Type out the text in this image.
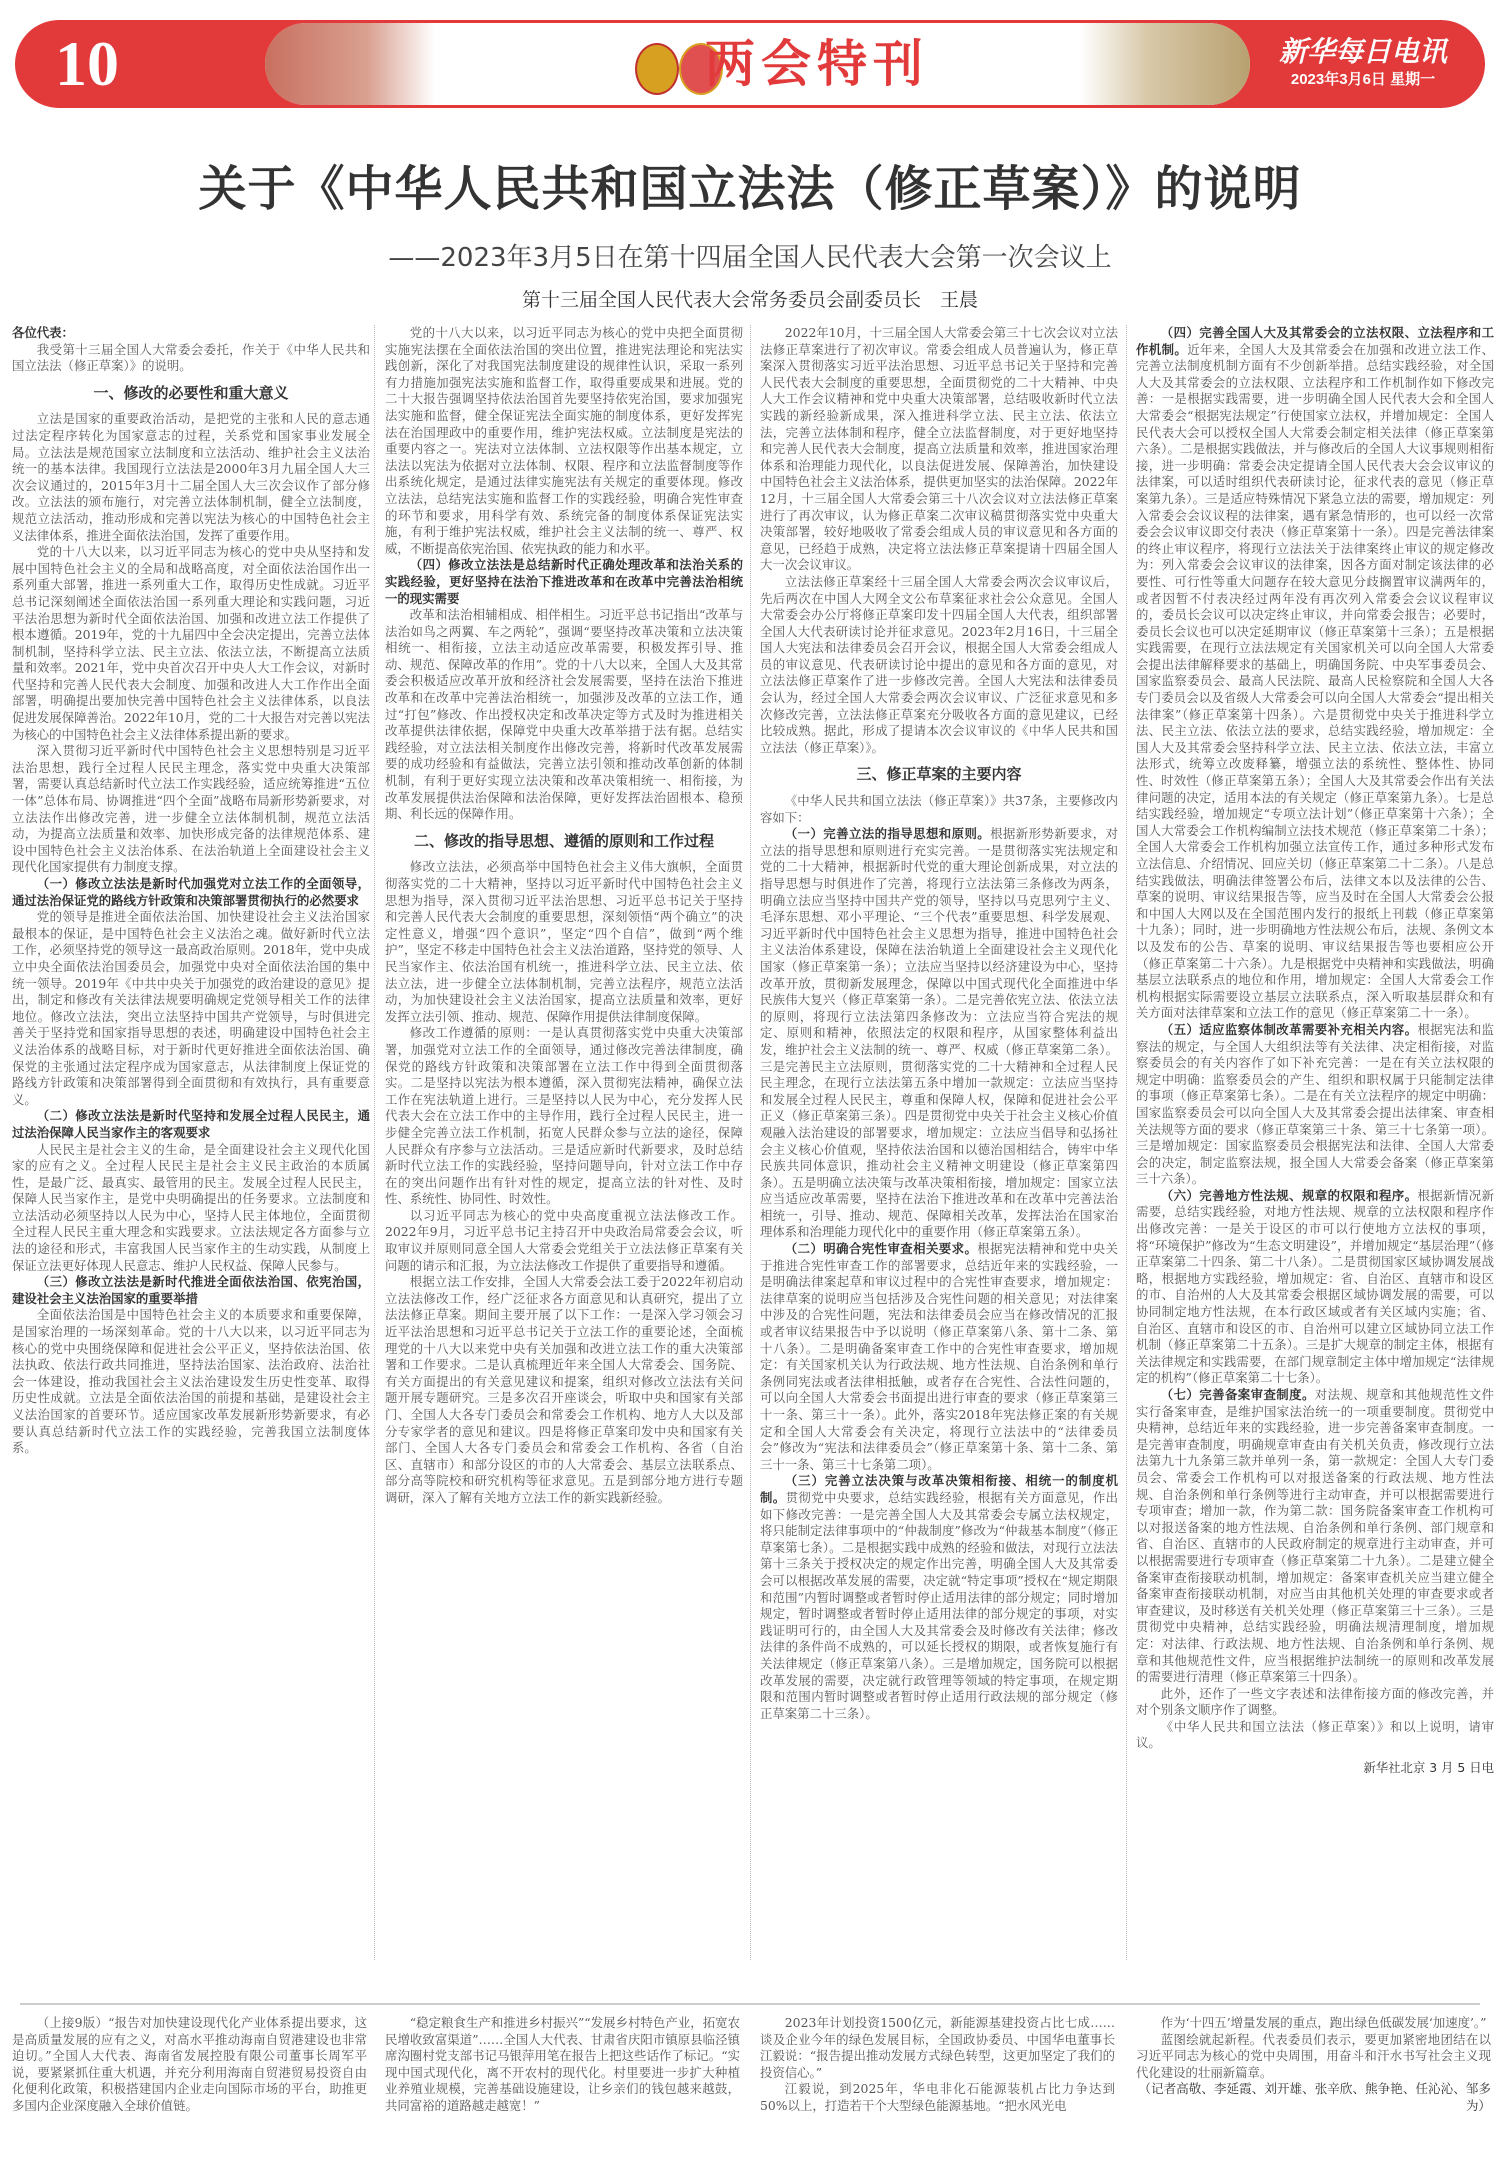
10	两会特刊	新华每日电讯
2023年3月6日 星期一
关于《中华人民共和国立法法（修正草案）》的说明
——2023年3月5日在第十四届全国人民代表大会第一次会议上
第十三届全国人民代表大会常务委员会副委员长　王晨

各位代表：

我受第十三届全国人大常委会委托，作关于《中华人民共和国立法法（修正草案）》的说明。

一、修改的必要性和重大意义

立法是国家的重要政治活动，是把党的主张和人民的意志通过法定程序转化为国家意志的过程，关系党和国家事业发展全局。立法法是规范国家立法制度和立法活动、维护社会主义法治统一的基本法律。我国现行立法法是2000年3月九届全国人大三次会议通过的，2015年3月十二届全国人大三次会议作了部分修改。立法法的颁布施行，对完善立法体制机制，健全立法制度，规范立法活动，推动形成和完善以宪法为核心的中国特色社会主义法律体系，推进全面依法治国，发挥了重要作用。

党的十八大以来，以习近平同志为核心的党中央从坚持和发展中国特色社会主义的全局和战略高度，对全面依法治国作出一系列重大部署，推进一系列重大工作，取得历史性成就。习近平总书记深刻阐述全面依法治国一系列重大理论和实践问题，习近平法治思想为新时代全面依法治国、加强和改进立法工作提供了根本遵循。2019年，党的十九届四中全会决定提出，完善立法体制机制，坚持科学立法、民主立法、依法立法，不断提高立法质量和效率。2021年，党中央首次召开中央人大工作会议，对新时代坚持和完善人民代表大会制度、加强和改进人大工作作出全面部署，明确提出要加快完善中国特色社会主义法律体系，以良法促进发展保障善治。2022年10月，党的二十大报告对完善以宪法为核心的中国特色社会主义法律体系提出新的要求。

深入贯彻习近平新时代中国特色社会主义思想特别是习近平法治思想，践行全过程人民民主理念，落实党中央重大决策部署，需要认真总结新时代立法工作实践经验，适应统筹推进“五位一体”总体布局、协调推进“四个全面”战略布局新形势新要求，对立法法作出修改完善，进一步健全立法体制机制，规范立法活动，为提高立法质量和效率、加快形成完备的法律规范体系、建设中国特色社会主义法治体系、在法治轨道上全面建设社会主义现代化国家提供有力制度支撑。

（一）修改立法法是新时代加强党对立法工作的全面领导，通过法治保证党的路线方针政策和决策部署贯彻执行的必然要求

党的领导是推进全面依法治国、加快建设社会主义法治国家最根本的保证，是中国特色社会主义法治之魂。做好新时代立法工作，必须坚持党的领导这一最高政治原则。2018年，党中央成立中央全面依法治国委员会，加强党中央对全面依法治国的集中统一领导。2019年《中共中央关于加强党的政治建设的意见》提出，制定和修改有关法律法规要明确规定党领导相关工作的法律地位。修改立法法，突出立法坚持中国共产党领导，与时俱进完善关于坚持党和国家指导思想的表述，明确建设中国特色社会主义法治体系的战略目标，对于新时代更好推进全面依法治国、确保党的主张通过法定程序成为国家意志，从法律制度上保证党的路线方针政策和决策部署得到全面贯彻和有效执行，具有重要意义。

（二）修改立法法是新时代坚持和发展全过程人民民主，通过法治保障人民当家作主的客观要求

人民民主是社会主义的生命，是全面建设社会主义现代化国家的应有之义。全过程人民民主是社会主义民主政治的本质属性，是最广泛、最真实、最管用的民主。发展全过程人民民主，保障人民当家作主，是党中央明确提出的任务要求。立法制度和立法活动必须坚持以人民为中心，坚持人民主体地位，全面贯彻全过程人民民主重大理念和实践要求。立法法规定各方面参与立法的途径和形式，丰富我国人民当家作主的生动实践，从制度上保证立法更好体现人民意志、维护人民权益、保障人民参与。

（三）修改立法法是新时代推进全面依法治国、依宪治国，建设社会主义法治国家的重要举措

全面依法治国是中国特色社会主义的本质要求和重要保障，是国家治理的一场深刻革命。党的十八大以来，以习近平同志为核心的党中央围绕保障和促进社会公平正义，坚持依法治国、依法执政、依法行政共同推进，坚持法治国家、法治政府、法治社会一体建设，推动我国社会主义法治建设发生历史性变革、取得历史性成就。立法是全面依法治国的前提和基础，是建设社会主义法治国家的首要环节。适应国家改革发展新形势新要求，有必要认真总结新时代立法工作的实践经验，完善我国立法制度体系。

党的十八大以来，以习近平同志为核心的党中央把全面贯彻实施宪法摆在全面依法治国的突出位置，推进宪法理论和宪法实践创新，深化了对我国宪法制度建设的规律性认识，采取一系列有力措施加强宪法实施和监督工作，取得重要成果和进展。党的二十大报告强调坚持依法治国首先要坚持依宪治国，要求加强宪法实施和监督，健全保证宪法全面实施的制度体系，更好发挥宪法在治国理政中的重要作用，维护宪法权威。立法制度是宪法的重要内容之一。宪法对立法体制、立法权限等作出基本规定，立法法以宪法为依据对立法体制、权限、程序和立法监督制度等作出系统化规定，是通过法律实施宪法有关规定的重要体现。修改立法法，总结宪法实施和监督工作的实践经验，明确合宪性审查的环节和要求，用科学有效、系统完备的制度体系保证宪法实施，有利于维护宪法权威，维护社会主义法制的统一、尊严、权威，不断提高依宪治国、依宪执政的能力和水平。

（四）修改立法法是总结新时代正确处理改革和法治关系的实践经验，更好坚持在法治下推进改革和在改革中完善法治相统一的现实需要

改革和法治相辅相成、相伴相生。习近平总书记指出“改革与法治如鸟之两翼、车之两轮”，强调“要坚持改革决策和立法决策相统一、相衔接，立法主动适应改革需要，积极发挥引导、推动、规范、保障改革的作用”。党的十八大以来，全国人大及其常委会积极适应改革开放和经济社会发展需要，坚持在法治下推进改革和在改革中完善法治相统一，加强涉及改革的立法工作，通过“打包”修改、作出授权决定和改革决定等方式及时为推进相关改革提供法律依据，保障党中央重大改革举措于法有据。总结实践经验，对立法法相关制度作出修改完善，将新时代改革发展需要的成功经验和有益做法，完善立法引领和推动改革创新的体制机制，有利于更好实现立法决策和改革决策相统一、相衔接，为改革发展提供法治保障和法治保障，更好发挥法治固根本、稳预期、利长远的保障作用。

二、修改的指导思想、遵循的原则和工作过程

修改立法法，必须高举中国特色社会主义伟大旗帜，全面贯彻落实党的二十大精神，坚持以习近平新时代中国特色社会主义思想为指导，深入贯彻习近平法治思想、习近平总书记关于坚持和完善人民代表大会制度的重要思想，深刻领悟“两个确立”的决定性意义，增强“四个意识”，坚定“四个自信”，做到“两个维护”，坚定不移走中国特色社会主义法治道路，坚持党的领导、人民当家作主、依法治国有机统一，推进科学立法、民主立法、依法立法，进一步健全立法体制机制，完善立法程序，规范立法活动，为加快建设社会主义法治国家，提高立法质量和效率，更好发挥立法引领、推动、规范、保障作用提供法律制度保障。

修改工作遵循的原则：一是认真贯彻落实党中央重大决策部署，加强党对立法工作的全面领导，通过修改完善法律制度，确保党的路线方针政策和决策部署在立法工作中得到全面贯彻落实。二是坚持以宪法为根本遵循，深入贯彻宪法精神，确保立法工作在宪法轨道上进行。三是坚持以人民为中心，充分发挥人民代表大会在立法工作中的主导作用，践行全过程人民民主，进一步健全完善立法工作机制，拓宽人民群众参与立法的途径，保障人民群众有序参与立法活动。三是适应新时代新要求，及时总结新时代立法工作的实践经验，坚持问题导向，针对立法工作中存在的突出问题作出有针对性的规定，提高立法的针对性、及时性、系统性、协同性、时效性。

以习近平同志为核心的党中央高度重视立法法修改工作。2022年9月，习近平总书记主持召开中央政治局常委会会议，听取审议并原则同意全国人大常委会党组关于立法法修正草案有关问题的请示和汇报，为立法法修改工作提供了重要指导和遵循。

根据立法工作安排，全国人大常委会法工委于2022年初启动立法法修改工作，经广泛征求各方面意见和认真研究，提出了立法法修正草案。期间主要开展了以下工作：一是深入学习领会习近平法治思想和习近平总书记关于立法工作的重要论述，全面梳理党的十八大以来党中央有关加强和改进立法工作的重大决策部署和工作要求。二是认真梳理近年来全国人大常委会、国务院、有关方面提出的有关意见建议和提案，组织对修改立法法有关问题开展专题研究。三是多次召开座谈会，听取中央和国家有关部门、全国人大各专门委员会和常委会工作机构、地方人大以及部分专家学者的意见和建议。四是将修正草案印发中央和国家有关部门、全国人大各专门委员会和常委会工作机构、各省（自治区、直辖市）和部分设区的市的人大常委会、基层立法联系点、部分高等院校和研究机构等征求意见。五是到部分地方进行专题调研，深入了解有关地方立法工作的新实践新经验。

2022年10月，十三届全国人大常委会第三十七次会议对立法法修正草案进行了初次审议。常委会组成人员普遍认为，修正草案深入贯彻落实习近平法治思想、习近平总书记关于坚持和完善人民代表大会制度的重要思想，全面贯彻党的二十大精神、中央人大工作会议精神和党中央重大决策部署，总结吸收新时代立法实践的新经验新成果，深入推进科学立法、民主立法、依法立法，完善立法体制和程序，健全立法监督制度，对于更好地坚持和完善人民代表大会制度，提高立法质量和效率，推进国家治理体系和治理能力现代化，以良法促进发展、保障善治，加快建设中国特色社会主义法治体系，提供更加坚实的法治保障。2022年12月，十三届全国人大常委会第三十八次会议对立法法修正草案进行了再次审议，认为修正草案二次审议稿贯彻落实党中央重大决策部署，较好地吸收了常委会组成人员的审议意见和各方面的意见，已经趋于成熟，决定将立法法修正草案提请十四届全国人大一次会议审议。

立法法修正草案经十三届全国人大常委会两次会议审议后，先后两次在中国人大网全文公布草案征求社会公众意见。全国人大常委会办公厅将修正草案印发十四届全国人大代表，组织部署全国人大代表研读讨论并征求意见。2023年2月16日，十三届全国人大宪法和法律委员会召开会议，根据全国人大常委会组成人员的审议意见、代表研读讨论中提出的意见和各方面的意见，对立法法修正草案作了进一步修改完善。全国人大宪法和法律委员会认为，经过全国人大常委会两次会议审议、广泛征求意见和多次修改完善，立法法修正草案充分吸收各方面的意见建议，已经比较成熟。据此，形成了提请本次会议审议的《中华人民共和国立法法（修正草案）》。

三、修正草案的主要内容

《中华人民共和国立法法（修正草案）》共37条，主要修改内容如下：

（一）完善立法的指导思想和原则。根据新形势新要求，对立法的指导思想和原则进行充实完善。一是贯彻落实宪法规定和党的二十大精神，根据新时代党的重大理论创新成果，对立法的指导思想与时俱进作了完善，将现行立法法第三条修改为两条，明确立法应当坚持中国共产党的领导，坚持以马克思列宁主义、毛泽东思想、邓小平理论、“三个代表”重要思想、科学发展观、习近平新时代中国特色社会主义思想为指导，推进中国特色社会主义法治体系建设，保障在法治轨道上全面建设社会主义现代化国家（修正草案第一条）；立法应当坚持以经济建设为中心，坚持改革开放，贯彻新发展理念，保障以中国式现代化全面推进中华民族伟大复兴（修正草案第一条）。二是完善依宪立法、依法立法的原则，将现行立法法第四条修改为：立法应当符合宪法的规定、原则和精神，依照法定的权限和程序，从国家整体利益出发，维护社会主义法制的统一、尊严、权威（修正草案第二条）。三是完善民主立法原则，贯彻落实党的二十大精神和全过程人民民主理念，在现行立法法第五条中增加一款规定：立法应当坚持和发展全过程人民民主，尊重和保障人权，保障和促进社会公平正义（修正草案第三条）。四是贯彻党中央关于社会主义核心价值观融入法治建设的部署要求，增加规定：立法应当倡导和弘扬社会主义核心价值观，坚持依法治国和以德治国相结合，铸牢中华民族共同体意识，推动社会主义精神文明建设（修正草案第四条）。五是明确立法决策与改革决策相衔接，增加规定：国家立法应当适应改革需要，坚持在法治下推进改革和在改革中完善法治相统一，引导、推动、规范、保障相关改革，发挥法治在国家治理体系和治理能力现代化中的重要作用（修正草案第五条）。

（二）明确合宪性审查相关要求。根据宪法精神和党中央关于推进合宪性审查工作的部署要求，总结近年来的实践经验，一是明确法律案起草和审议过程中的合宪性审查要求，增加规定：法律草案的说明应当包括涉及合宪性问题的相关意见；对法律案中涉及的合宪性问题，宪法和法律委员会应当在修改情况的汇报或者审议结果报告中予以说明（修正草案第八条、第十二条、第十八条）。二是明确备案审查工作中的合宪性审查要求，增加规定：有关国家机关认为行政法规、地方性法规、自治条例和单行条例同宪法或者法律相抵触，或者存在合宪性、合法性问题的，可以向全国人大常委会书面提出进行审查的要求（修正草案第三十一条、第三十一条）。此外，落实2018年宪法修正案的有关规定和全国人大常委会有关决定，将现行立法法中的“法律委员会”修改为“宪法和法律委员会”（修正草案第十条、第十二条、第三十一条、第三十七条第二项）。

（三）完善立法决策与改革决策相衔接、相统一的制度机制。贯彻党中央要求，总结实践经验，根据有关方面意见，作出如下修改完善：一是完善全国人大及其常委会专属立法权规定，将只能制定法律事项中的“仲裁制度”修改为“仲裁基本制度”（修正草案第七条）。二是根据实践中成熟的经验和做法，对现行立法法第十三条关于授权决定的规定作出完善，明确全国人大及其常委会可以根据改革发展的需要，决定就“特定事项”授权在“规定期限和范围”内暂时调整或者暂时停止适用法律的部分规定；同时增加规定，暂时调整或者暂时停止适用法律的部分规定的事项，对实践证明可行的，由全国人大及其常委会及时修改有关法律；修改法律的条件尚不成熟的，可以延长授权的期限，或者恢复施行有关法律规定（修正草案第八条）。三是增加规定，国务院可以根据改革发展的需要，决定就行政管理等领域的特定事项，在规定期限和范围内暂时调整或者暂时停止适用行政法规的部分规定（修正草案第二十三条）。

（四）完善全国人大及其常委会的立法权限、立法程序和工作机制。近年来，全国人大及其常委会在加强和改进立法工作、完善立法制度机制方面有不少创新举措。总结实践经验，对全国人大及其常委会的立法权限、立法程序和工作机制作如下修改完善：一是根据实践需要，进一步明确全国人民代表大会和全国人大常委会“根据宪法规定”行使国家立法权，并增加规定：全国人民代表大会可以授权全国人大常委会制定相关法律（修正草案第六条）。二是根据实践做法，并与修改后的全国人大议事规则相衔接，进一步明确：常委会决定提请全国人民代表大会会议审议的法律案，可以适时组织代表研读讨论，征求代表的意见（修正草案第九条）。三是适应特殊情况下紧急立法的需要，增加规定：列入常委会会议议程的法律案，遇有紧急情形的，也可以经一次常委会会议审议即交付表决（修正草案第十一条）。四是完善法律案的终止审议程序，将现行立法法关于法律案终止审议的规定修改为：列入常委会会议审议的法律案，因各方面对制定该法律的必要性、可行性等重大问题存在较大意见分歧搁置审议满两年的，或者因暂不付表决经过两年没有再次列入常委会会议议程审议的，委员长会议可以决定终止审议，并向常委会报告；必要时，委员长会议也可以决定延期审议（修正草案第十三条）；五是根据实践需要，在现行立法法规定有关国家机关可以向全国人大常委会提出法律解释要求的基础上，明确国务院、中央军事委员会、国家监察委员会、最高人民法院、最高人民检察院和全国人大各专门委员会以及省级人大常委会可以向全国人大常委会“提出相关法律案”（修正草案第十四条）。六是贯彻党中央关于推进科学立法、民主立法、依法立法的要求，总结实践经验，增加规定：全国人大及其常委会坚持科学立法、民主立法、依法立法，丰富立法形式，统筹立改废释纂，增强立法的系统性、整体性、协同性、时效性（修正草案第五条）；全国人大及其常委会作出有关法律问题的决定，适用本法的有关规定（修正草案第九条）。七是总结实践经验，增加规定“专项立法计划”（修正草案第十六条）；全国人大常委会工作机构编制立法技术规范（修正草案第二十条）；全国人大常委会工作机构加强立法宣传工作，通过多种形式发布立法信息、介绍情况、回应关切（修正草案第二十二条）。八是总结实践做法，明确法律签署公布后，法律文本以及法律的公告、草案的说明、审议结果报告等，应当及时在全国人大常委会公报和中国人大网以及在全国范围内发行的报纸上刊载（修正草案第十九条）；同时，进一步明确地方性法规公布后，法规、条例文本以及发布的公告、草案的说明、审议结果报告等也要相应公开（修正草案第二十六条）。九是根据党中央精神和实践做法，明确基层立法联系点的地位和作用，增加规定：全国人大常委会工作机构根据实际需要设立基层立法联系点，深入听取基层群众和有关方面对法律草案和立法工作的意见（修正草案第二十一条）。

（五）适应监察体制改革需要补充相关内容。根据宪法和监察法的规定，与全国人大组织法等有关法律、决定相衔接，对监察委员会的有关内容作了如下补充完善：一是在有关立法权限的规定中明确：监察委员会的产生、组织和职权属于只能制定法律的事项（修正草案第七条）。二是在有关立法程序的规定中明确：国家监察委员会可以向全国人大及其常委会提出法律案、审查相关法规等方面的要求（修正草案第三十条、第三十七条第一项）。三是增加规定：国家监察委员会根据宪法和法律、全国人大常委会的决定，制定监察法规，报全国人大常委会备案（修正草案第三十六条）。

（六）完善地方性法规、规章的权限和程序。根据新情况新需要，总结实践经验，对地方性法规、规章的立法权限和程序作出修改完善：一是关于设区的市可以行使地方立法权的事项，将“环境保护”修改为“生态文明建设”，并增加规定“基层治理”（修正草案第二十四条、第二十八条）。二是贯彻国家区域协调发展战略，根据地方实践经验，增加规定：省、自治区、直辖市和设区的市、自治州的人大及其常委会根据区域协调发展的需要，可以协同制定地方性法规，在本行政区域或者有关区域内实施；省、自治区、直辖市和设区的市、自治州可以建立区域协同立法工作机制（修正草案第二十五条）。三是扩大规章的制定主体，根据有关法律规定和实践需要，在部门规章制定主体中增加规定“法律规定的机构”（修正草案第二十七条）。

（七）完善备案审查制度。对法规、规章和其他规范性文件实行备案审查，是维护国家法治统一的一项重要制度。贯彻党中央精神，总结近年来的实践经验，进一步完善备案审查制度。一是完善审查制度，明确规章审查由有关机关负责，修改现行立法法第九十九条第三款并单列一条，第一款规定：全国人大专门委员会、常委会工作机构可以对报送备案的行政法规、地方性法规、自治条例和单行条例等进行主动审查，并可以根据需要进行专项审查；增加一款，作为第二款：国务院备案审查工作机构可以对报送备案的地方性法规、自治条例和单行条例、部门规章和省、自治区、直辖市的人民政府制定的规章进行主动审查，并可以根据需要进行专项审查（修正草案第二十九条）。二是建立健全备案审查衔接联动机制，增加规定：备案审查机关应当建立健全备案审查衔接联动机制，对应当由其他机关处理的审查要求或者审查建议，及时移送有关机关处理（修正草案第三十三条）。三是贯彻党中央精神，总结实践经验，明确法规清理制度，增加规定：对法律、行政法规、地方性法规、自治条例和单行条例、规章和其他规范性文件，应当根据维护法制统一的原则和改革发展的需要进行清理（修正草案第三十四条）。

此外，还作了一些文字表述和法律衔接方面的修改完善，并对个别条文顺序作了调整。

《中华人民共和国立法法（修正草案）》和以上说明，请审议。

新华社北京 3 月 5 日电

（上接9版）“报告对加快建设现代化产业体系提出要求，这是高质量发展的应有之义，对高水平推动海南自贸港建设也非常迫切。”全国人大代表、海南省发展控股有限公司董事长周军平说，要紧紧抓住重大机遇，并充分利用海南自贸港贸易投资自由化便利化政策，积极搭建国内企业走向国际市场的平台，助推更多国内企业深度融入全球价值链。

“稳定粮食生产和推进乡村振兴”“发展乡村特色产业，拓宽农民增收致富渠道”……全国人大代表、甘肃省庆阳市镇原县临泾镇席沟圈村党支部书记马银萍用笔在报告上把这些话作了标记。“实现中国式现代化，离不开农村的现代化。村里要进一步扩大种植业养殖业规模，完善基础设施建设，让乡亲们的钱包越来越鼓，共同富裕的道路越走越宽！”

2023年计划投资1500亿元，新能源基建投资占比七成……谈及企业今年的绿色发展目标，全国政协委员、中国华电董事长江毅说：“报告提出推动发展方式绿色转型，这更加坚定了我们的投资信心。”

江毅说，到2025年，华电非化石能源装机占比力争达到50%以上，打造若干个大型绿色能源基地。“把水风光电

作为‘十四五’增量发展的重点，跑出绿色低碳发展‘加速度’。”

蓝图绘就起新程。代表委员们表示，要更加紧密地团结在以习近平同志为核心的党中央周围，用奋斗和汗水书写社会主义现代化建设的壮丽新篇章。

（记者高敬、李延霞、刘开雄、张辛欣、熊争艳、任沁沁、邹多为）
